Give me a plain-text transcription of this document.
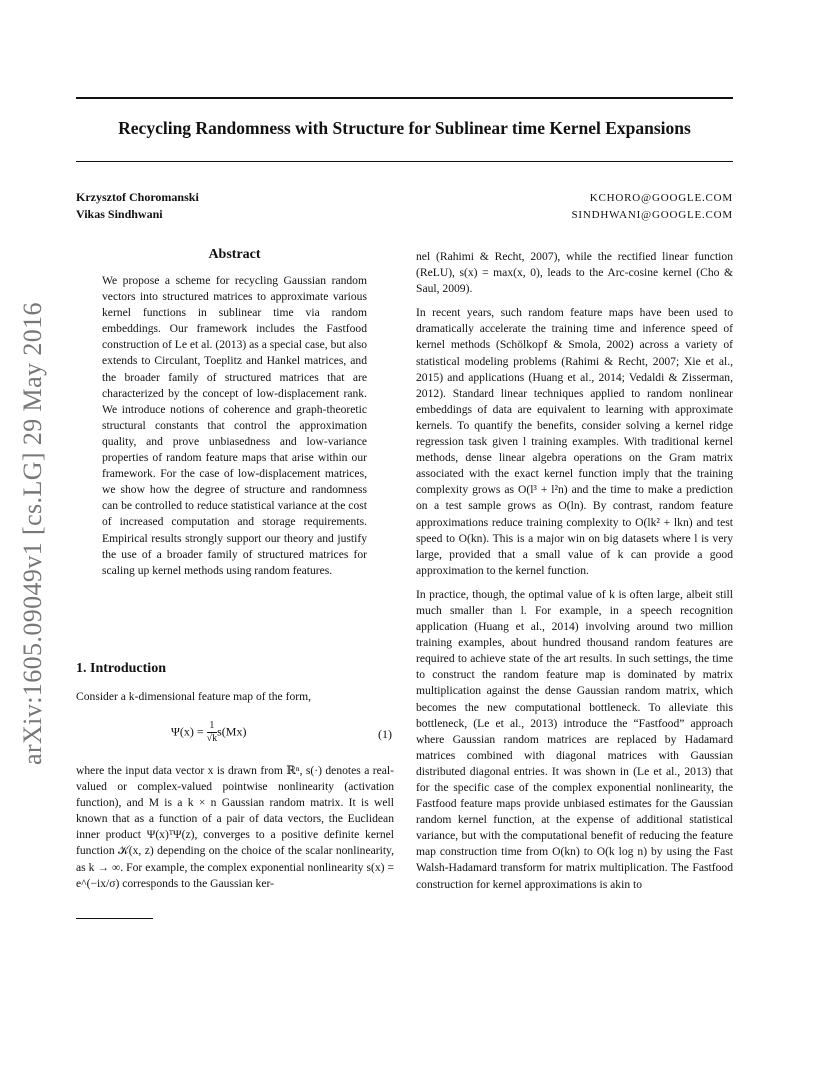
Recycling Randomness with Structure for Sublinear time Kernel Expansions
Krzysztof Choromanski
Vikas Sindhwani
KCHORO@GOOGLE.COM
SINDHWANI@GOOGLE.COM
arXiv:1605.09049v1 [cs.LG] 29 May 2016
Abstract

We propose a scheme for recycling Gaussian random vectors into structured matrices to approximate various kernel functions in sublinear time via random embeddings. Our framework includes the Fastfood construction of Le et al. (2013) as a special case, but also extends to Circulant, Toeplitz and Hankel matrices, and the broader family of structured matrices that are characterized by the concept of low-displacement rank. We introduce notions of coherence and graph-theoretic structural constants that control the approximation quality, and prove unbiasedness and low-variance properties of random feature maps that arise within our framework. For the case of low-displacement matrices, we show how the degree of structure and randomness can be controlled to reduce statistical variance at the cost of increased computation and storage requirements. Empirical results strongly support our theory and justify the use of a broader family of structured matrices for scaling up kernel methods using random features.

1. Introduction

Consider a k-dimensional feature map of the form,

$\Psi(x) = \frac{1}{√k}s(Mx)$	(1)

where the input data vector x is drawn from ℝⁿ, s(·) denotes a real-valued or complex-valued pointwise nonlinearity (activation function), and M is a k × n Gaussian random matrix. It is well known that as a function of a pair of data vectors, the Euclidean inner product Ψ(x)ᵀΨ(z), converges to a positive definite kernel function 𝒦(x, z) depending on the choice of the scalar nonlinearity, as k → ∞. For example, the complex exponential nonlinearity s(x) = e^(−ix/σ) corresponds to the Gaussian ker-

nel (Rahimi & Recht, 2007), while the rectified linear function (ReLU), s(x) = max(x, 0), leads to the Arc-cosine kernel (Cho & Saul, 2009).

In recent years, such random feature maps have been used to dramatically accelerate the training time and inference speed of kernel methods (Schölkopf & Smola, 2002) across a variety of statistical modeling problems (Rahimi & Recht, 2007; Xie et al., 2015) and applications (Huang et al., 2014; Vedaldi & Zisserman, 2012). Standard linear techniques applied to random nonlinear embeddings of data are equivalent to learning with approximate kernels. To quantify the benefits, consider solving a kernel ridge regression task given l training examples. With traditional kernel methods, dense linear algebra operations on the Gram matrix associated with the exact kernel function imply that the training complexity grows as O(l³ + l²n) and the time to make a prediction on a test sample grows as O(ln). By contrast, random feature approximations reduce training complexity to O(lk² + lkn) and test speed to O(kn). This is a major win on big datasets where l is very large, provided that a small value of k can provide a good approximation to the kernel function.

In practice, though, the optimal value of k is often large, albeit still much smaller than l. For example, in a speech recognition application (Huang et al., 2014) involving around two million training examples, about hundred thousand random features are required to achieve state of the art results. In such settings, the time to construct the random feature map is dominated by matrix multiplication against the dense Gaussian random matrix, which becomes the new computational bottleneck. To alleviate this bottleneck, (Le et al., 2013) introduce the “Fastfood” approach where Gaussian random matrices are replaced by Hadamard matrices combined with diagonal matrices with Gaussian distributed diagonal entries. It was shown in (Le et al., 2013) that for the specific case of the complex exponential nonlinearity, the Fastfood feature maps provide unbiased estimates for the Gaussian random kernel function, at the expense of additional statistical variance, but with the computational benefit of reducing the feature map construction time from O(kn) to O(k log n) by using the Fast Walsh-Hadamard transform for matrix multiplication. The Fastfood construction for kernel approximations is akin to
